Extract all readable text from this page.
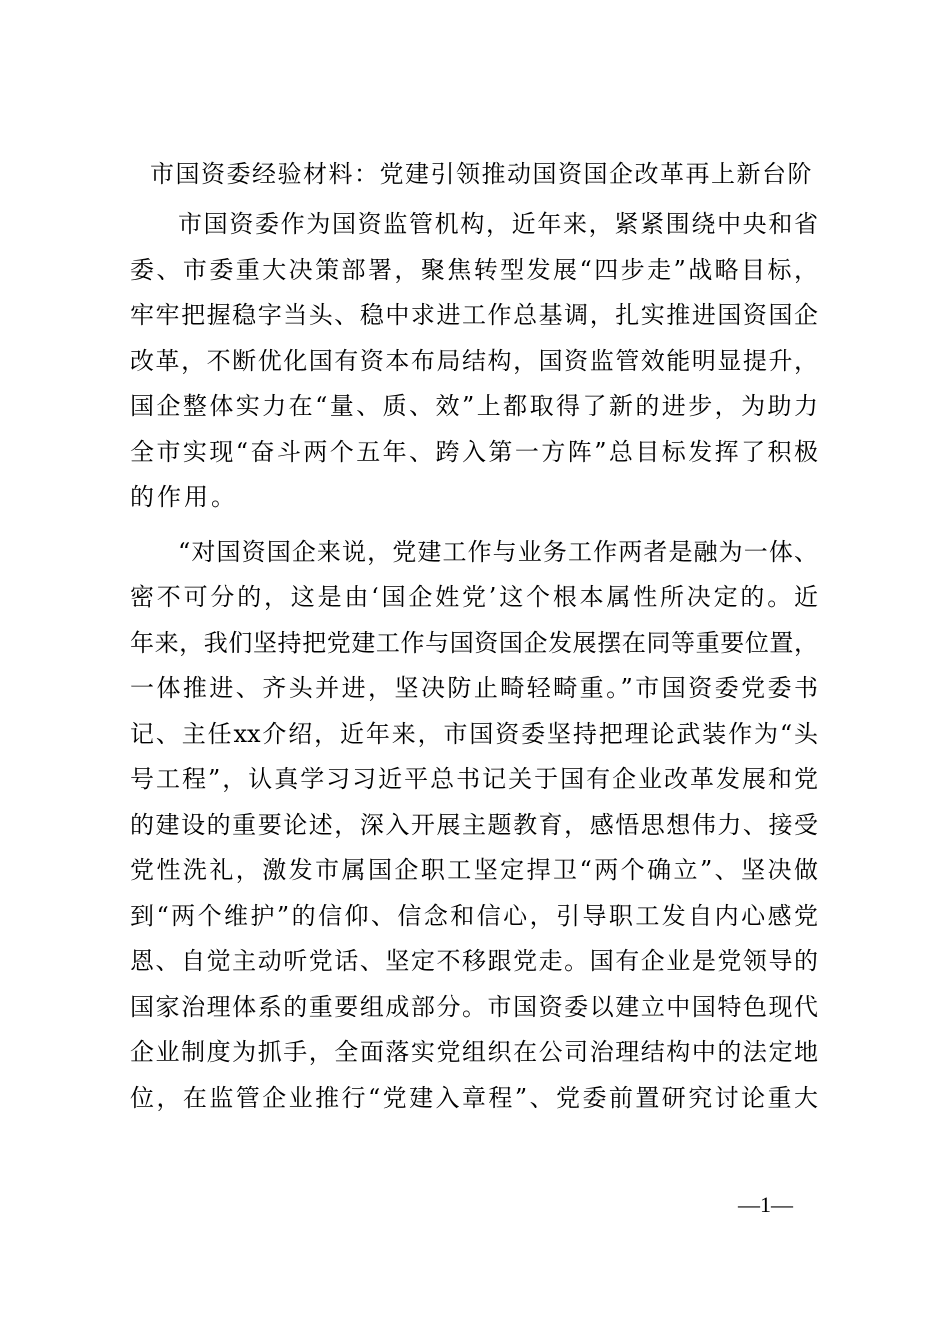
市国资委经验材料：党建引领推动国资国企改革再上新台阶
市国资委作为国资监管机构，近年来，紧紧围绕中央和省
委、市委重大决策部署，聚焦转型发展“四步走”战略目标，
牢牢把握稳字当头、稳中求进工作总基调，扎实推进国资国企
改革，不断优化国有资本布局结构，国资监管效能明显提升，
国企整体实力在“量、质、效”上都取得了新的进步，为助力
全市实现“奋斗两个五年、跨入第一方阵”总目标发挥了积极
的作用。
“对国资国企来说，党建工作与业务工作两者是融为一体、
密不可分的，这是由‘国企姓党’这个根本属性所决定的。近
年来，我们坚持把党建工作与国资国企发展摆在同等重要位置，
一体推进、齐头并进，坚决防止畸轻畸重。”市国资委党委书
记、主任xx介绍，近年来，市国资委坚持把理论武装作为“头
号工程”，认真学习习近平总书记关于国有企业改革发展和党
的建设的重要论述，深入开展主题教育，感悟思想伟力、接受
党性洗礼，激发市属国企职工坚定捍卫“两个确立”、坚决做
到“两个维护”的信仰、信念和信心，引导职工发自内心感党
恩、自觉主动听党话、坚定不移跟党走。国有企业是党领导的
国家治理体系的重要组成部分。市国资委以建立中国特色现代
企业制度为抓手，全面落实党组织在公司治理结构中的法定地
位，在监管企业推行“党建入章程”、党委前置研究讨论重大
—1—
